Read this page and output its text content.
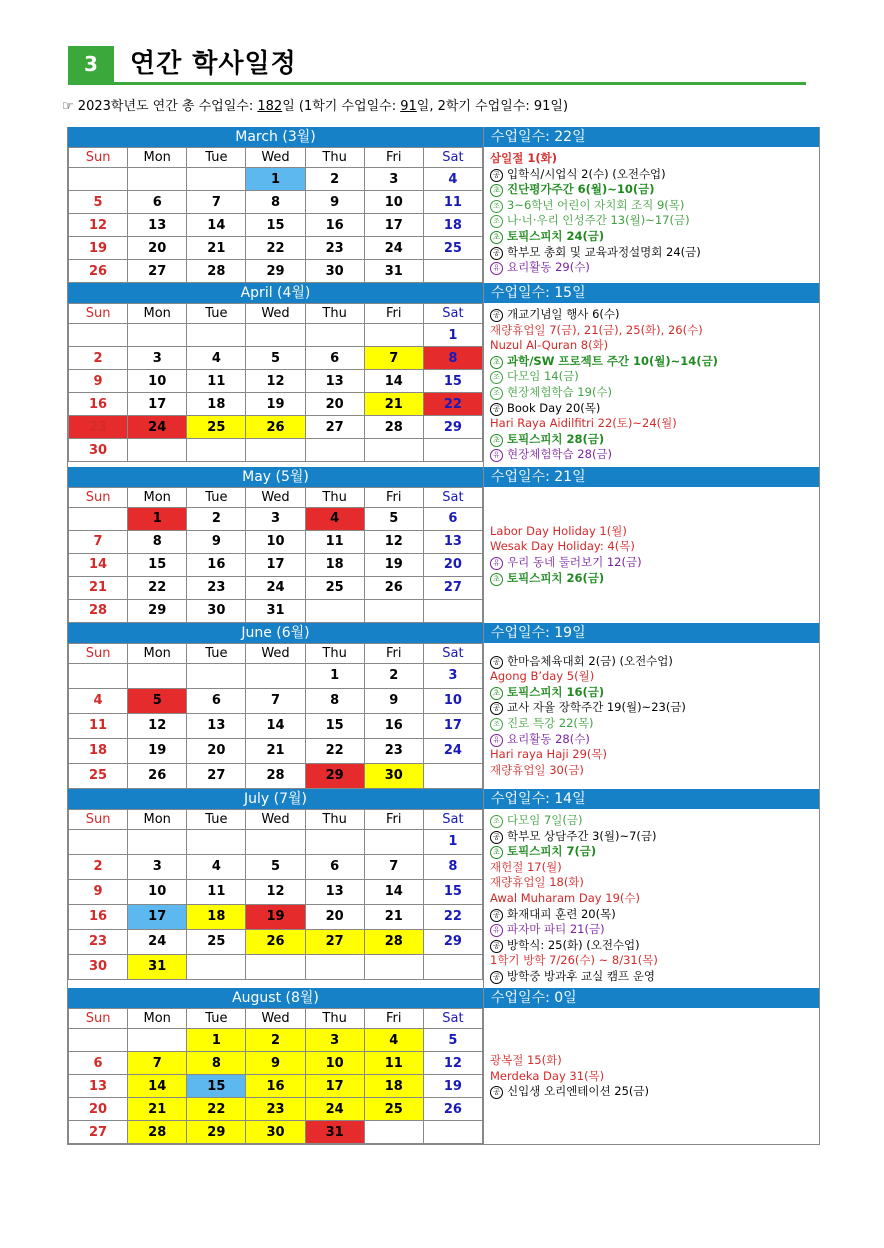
3	연간 학사일정
☞ 2023학년도 연간 총 수업일수: 182일 (1학기 수업일수: 91일, 2학기 수업일수: 91일)
March (3월)
Sun	Mon	Tue	Wed	Thu	Fri	Sat
			1	2	3	4
5	6	7	8	9	10	11
12	13	14	15	16	17	18
19	20	21	22	23	24	25
26	27	28	29	30	31	
수업일수: 22일
삼일절 1(화)
공 입학식/시업식 2(수) (오전수업)
초 진단평가주간 6(월)~10(금)
조 3~6학년 어린이 자치회 조직 9(목)
조 나·너·우리 인성주간 13(월)~17(금)
초 토픽스피치 24(금)
공 학부모 총회 및 교육과정설명회 24(금)
유 요리활동 29(수)
April (4월)
Sun	Mon	Tue	Wed	Thu	Fri	Sat
						1
2	3	4	5	6	7	8
9	10	11	12	13	14	15
16	17	18	19	20	21	22
23	24	25	26	27	28	29
30						
수업일수: 15일
공 개교기념일 행사 6(수)
재량휴업일 7(금), 21(금), 25(화), 26(수)
Nuzul Al-Quran 8(화)
초 과학/SW 프로젝트 주간 10(월)~14(금)
조 다모임 14(금)
조 현장체험학습 19(수)
공 Book Day 20(목)
Hari Raya Aidilfitri 22(토)~24(월)
초 토픽스피치 28(금)
유 현장체험학습 28(금)
May (5월)
Sun	Mon	Tue	Wed	Thu	Fri	Sat
	1	2	3	4	5	6
7	8	9	10	11	12	13
14	15	16	17	18	19	20
21	22	23	24	25	26	27
28	29	30	31			
수업일수: 21일
Labor Day Holiday 1(월)
Wesak Day Holiday: 4(목)
유 우리 동네 둘러보기 12(금)
초 토픽스피치 26(금)
June (6월)
Sun	Mon	Tue	Wed	Thu	Fri	Sat
				1	2	3
4	5	6	7	8	9	10
11	12	13	14	15	16	17
18	19	20	21	22	23	24
25	26	27	28	29	30	
수업일수: 19일
공 한마음체육대회 2(금) (오전수업)
Agong B’day 5(월)
초 토픽스피치 16(금)
공 교사 자율 장학주간 19(월)~23(금)
조 진로 특강 22(목)
유 요리활동 28(수)
Hari raya Haji 29(목)
재량휴업일 30(금)
July (7월)
Sun	Mon	Tue	Wed	Thu	Fri	Sat
						1
2	3	4	5	6	7	8
9	10	11	12	13	14	15
16	17	18	19	20	21	22
23	24	25	26	27	28	29
30	31					
수업일수: 14일
조 다모임 7일(금)
공 학부모 상담주간 3(월)~7(금)
초 토픽스피치 7(금)
재헌절 17(월)
재량휴업일 18(화)
Awal Muharam Day 19(수)
공 화재대피 훈련 20(목)
유 파자마 파티 21(금)
공 방학식: 25(화) (오전수업)
1학기 방학 7/26(수) ~ 8/31(목)
공 방학중 방과후 교실 캠프 운영
August (8월)
Sun	Mon	Tue	Wed	Thu	Fri	Sat
		1	2	3	4	5
6	7	8	9	10	11	12
13	14	15	16	17	18	19
20	21	22	23	24	25	26
27	28	29	30	31		
수업일수: 0일
광복절 15(화)
Merdeka Day 31(목)
공 신입생 오리엔테이션 25(금)
